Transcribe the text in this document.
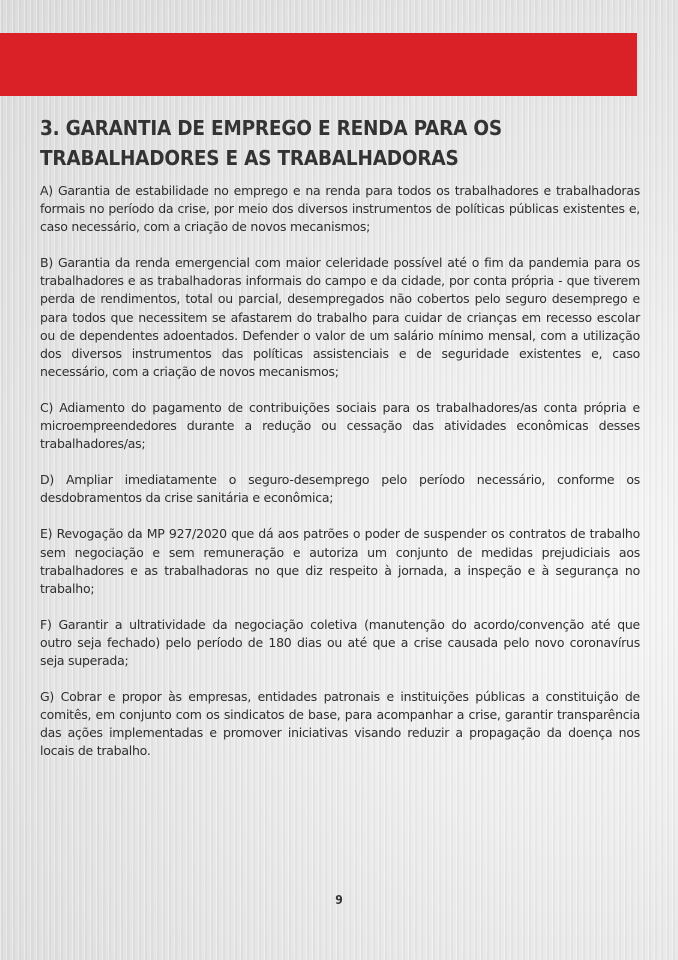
3. GARANTIA DE EMPREGO E RENDA PARA OS TRABALHADORES E AS TRABALHADORAS

A) Garantia de estabilidade no emprego e na renda para todos os trabalhadores e trabalhadoras formais no período da crise, por meio dos diversos instrumentos de políticas públicas existentes e, caso necessário, com a criação de novos mecanismos;

B) Garantia da renda emergencial com maior celeridade possível até o fim da pandemia para os trabalhadores e as trabalhadoras informais do campo e da cidade, por conta própria - que tiverem perda de rendimentos, total ou parcial, desempregados não cobertos pelo seguro desemprego e para todos que necessitem se afastarem do trabalho para cuidar de crianças em recesso escolar ou de dependentes adoentados. Defender o valor de um salário mínimo mensal, com a utilização dos diversos instrumentos das políticas assistenciais e de seguridade existentes e, caso necessário, com a criação de novos mecanismos;

C) Adiamento do pagamento de contribuições sociais para os trabalhadores/as conta própria e microempreendedores durante a redução ou cessação das atividades econômicas desses trabalhadores/as;

D) Ampliar imediatamente o seguro-desemprego pelo período necessário, conforme os desdobramentos da crise sanitária e econômica;

E) Revogação da MP 927/2020 que dá aos patrões o poder de suspender os contratos de trabalho sem negociação e sem remuneração e autoriza um conjunto de medidas prejudiciais aos trabalhadores e as trabalhadoras no que diz respeito à jornada, a inspeção e à segurança no trabalho;

F) Garantir a ultratividade da negociação coletiva (manutenção do acordo/convenção até que outro seja fechado) pelo período de 180 dias ou até que a crise causada pelo novo coronavírus seja superada;

G) Cobrar e propor às empresas, entidades patronais e instituições públicas a constituição de comitês, em conjunto com os sindicatos de base, para acompanhar a crise, garantir transparência das ações implementadas e promover iniciativas visando reduzir a propagação da doença nos locais de trabalho.

9
